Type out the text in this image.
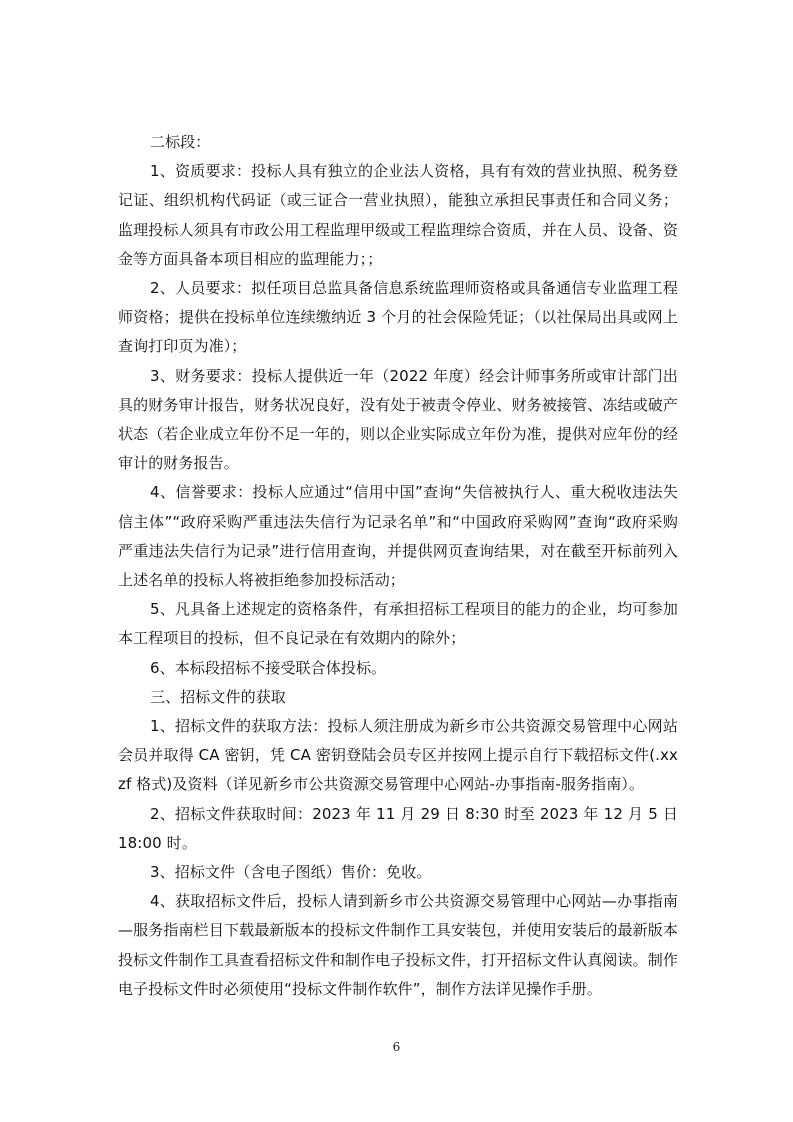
二标段：

1、资质要求：投标人具有独立的企业法人资格，具有有效的营业执照、税务登记证、组织机构代码证（或三证合一营业执照），能独立承担民事责任和合同义务；监理投标人须具有市政公用工程监理甲级或工程监理综合资质，并在人员、设备、资金等方面具备本项目相应的监理能力；；

2、人员要求：拟任项目总监具备信息系统监理师资格或具备通信专业监理工程师资格；提供在投标单位连续缴纳近 3 个月的社会保险凭证；（以社保局出具或网上查询打印页为准）；

3、财务要求：投标人提供近一年（2022 年度）经会计师事务所或审计部门出具的财务审计报告，财务状况良好，没有处于被责令停业、财务被接管、冻结或破产状态（若企业成立年份不足一年的，则以企业实际成立年份为准，提供对应年份的经审计的财务报告。

4、信誉要求：投标人应通过“信用中国”查询“失信被执行人、重大税收违法失信主体”“政府采购严重违法失信行为记录名单”和“中国政府采购网”查询“政府采购严重违法失信行为记录”进行信用查询，并提供网页查询结果，对在截至开标前列入上述名单的投标人将被拒绝参加投标活动；

5、凡具备上述规定的资格条件，有承担招标工程项目的能力的企业，均可参加本工程项目的投标，但不良记录在有效期内的除外；

6、本标段招标不接受联合体投标。

三、招标文件的获取

1、招标文件的获取方法：投标人须注册成为新乡市公共资源交易管理中心网站会员并取得 CA 密钥，凭 CA 密钥登陆会员专区并按网上提示自行下载招标文件(.xxzf 格式)及资料（详见新乡市公共资源交易管理中心网站-办事指南-服务指南）。

2、招标文件获取时间：2023 年 11 月 29 日 8:30 时至 2023 年 12 月 5 日 18:00 时。

3、招标文件（含电子图纸）售价：免收。

4、获取招标文件后，投标人请到新乡市公共资源交易管理中心网站—办事指南—服务指南栏目下载最新版本的投标文件制作工具安装包，并使用安装后的最新版本投标文件制作工具查看招标文件和制作电子投标文件，打开招标文件认真阅读。制作电子投标文件时必须使用“投标文件制作软件”，制作方法详见操作手册。

6
